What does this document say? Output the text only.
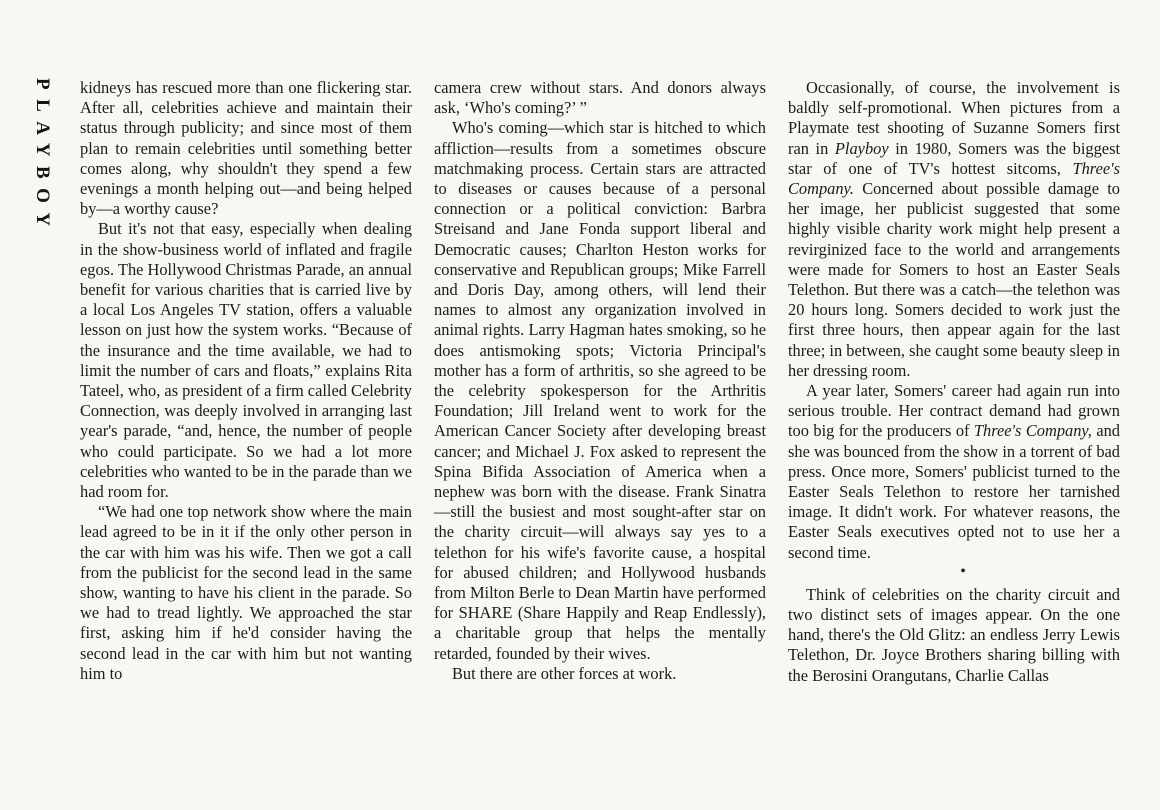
PLAYBOY kidneys has rescued more than one flickering star. After all, celebrities achieve and maintain their status through publicity; and since most of them plan to remain celebrities until something better comes along, why shouldn't they spend a few evenings a month helping out—and being helped by—a worthy cause?

But it's not that easy, especially when dealing in the show-business world of inflated and fragile egos. The Hollywood Christmas Parade, an annual benefit for various charities that is carried live by a local Los Angeles TV station, offers a valuable lesson on just how the system works. “Because of the insurance and the time available, we had to limit the number of cars and floats,” explains Rita Tateel, who, as president of a firm called Celebrity Connection, was deeply involved in arranging last year's parade, “and, hence, the number of people who could participate. So we had a lot more celebrities who wanted to be in the parade than we had room for.

“We had one top network show where the main lead agreed to be in it if the only other person in the car with him was his wife. Then we got a call from the publicist for the second lead in the same show, wanting to have his client in the parade. So we had to tread lightly. We approached the star first, asking him if he'd consider having the second lead in the car with him but not wanting him to

camera crew without stars. And donors always ask, ‘Who's coming?’ ”

Who's coming—which star is hitched to which affliction—results from a sometimes obscure matchmaking process. Certain stars are attracted to diseases or causes because of a personal connection or a political conviction: Barbra Streisand and Jane Fonda support liberal and Democratic causes; Charlton Heston works for conservative and Republican groups; Mike Farrell and Doris Day, among others, will lend their names to almost any organization involved in animal rights. Larry Hagman hates smoking, so he does antismoking spots; Victoria Principal's mother has a form of arthritis, so she agreed to be the celebrity spokesperson for the Arthritis Foundation; Jill Ireland went to work for the American Cancer Society after developing breast cancer; and Michael J. Fox asked to represent the Spina Bifida Association of America when a nephew was born with the disease. Frank Sinatra—still the busiest and most sought-after star on the charity circuit—will always say yes to a telethon for his wife's favorite cause, a hospital for abused children; and Hollywood husbands from Milton Berle to Dean Martin have performed for SHARE (Share Happily and Reap Endlessly), a charitable group that helps the mentally retarded, founded by their wives.

But there are other forces at work.

Occasionally, of course, the involvement is baldly self-promotional. When pictures from a Playmate test shooting of Suzanne Somers first ran in Playboy in 1980, Somers was the biggest star of one of TV's hottest sitcoms, Three's Company. Concerned about possible damage to her image, her publicist suggested that some highly visible charity work might help present a revirginized face to the world and arrangements were made for Somers to host an Easter Seals Telethon. But there was a catch—the telethon was 20 hours long. Somers decided to work just the first three hours, then appear again for the last three; in between, she caught some beauty sleep in her dressing room.

A year later, Somers' career had again run into serious trouble. Her contract demand had grown too big for the producers of Three's Company, and she was bounced from the show in a torrent of bad press. Once more, Somers' publicist turned to the Easter Seals Telethon to restore her tarnished image. It didn't work. For whatever reasons, the Easter Seals executives opted not to use her a second time.

•

Think of celebrities on the charity circuit and two distinct sets of images appear. On the one hand, there's the Old Glitz: an endless Jerry Lewis Telethon, Dr. Joyce Brothers sharing billing with the Berosini Orangutans, Charlie Callas
